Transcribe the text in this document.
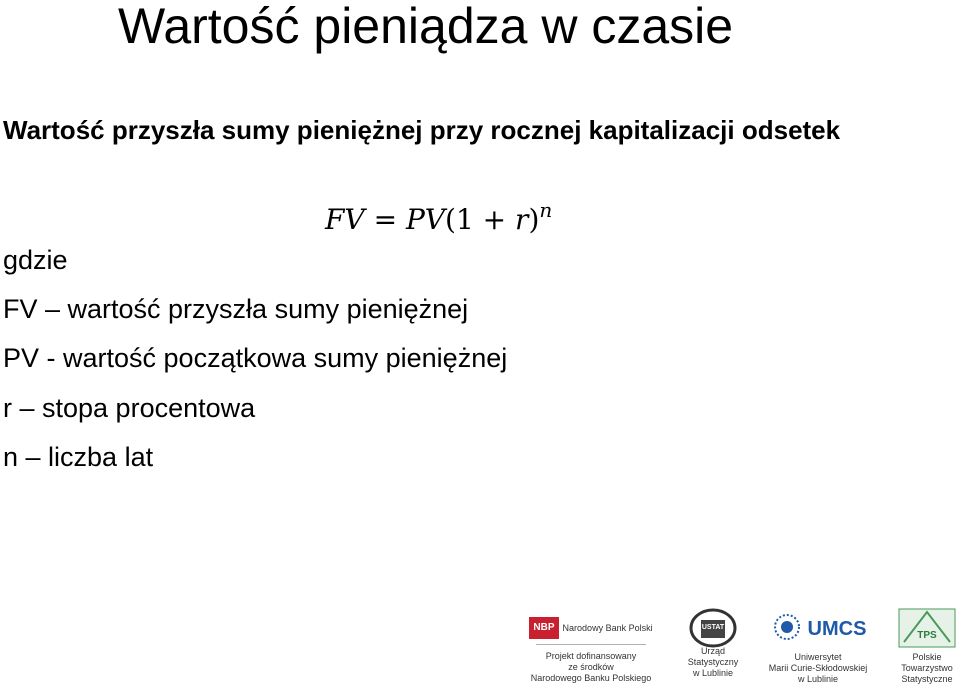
Wartość pieniądza w czasie
Wartość przyszła sumy pieniężnej przy rocznej kapitalizacji odsetek
FV = $PV(1 + r)^n$
gdzie
FV – wartość przyszła sumy pieniężnej
PV - wartość początkowa sumy pieniężnej
r – stopa procentowa
n – liczba lat
NBP Narodowy Bank Polski
Projekt dofinansowany
ze środków
Narodowego Banku Polskiego
USTAT
Urząd
Statystyczny
w Lublinie
UMCS
Uniwersytet
Marii Curie-Skłodowskiej
w Lublinie
TPS
Polskie
Towarzystwo
Statystyczne
